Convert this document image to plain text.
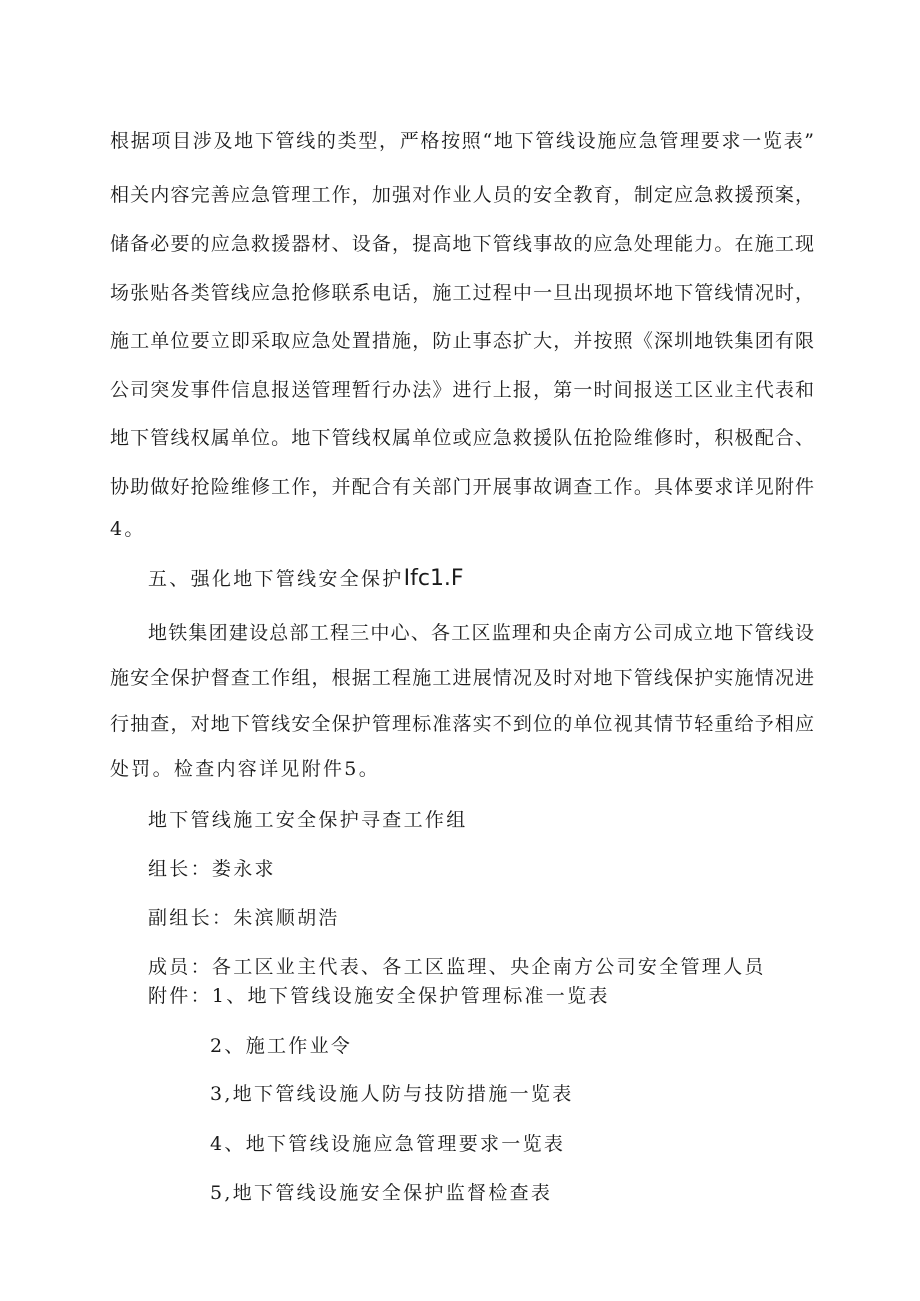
根据项目涉及地下管线的类型，严格按照“地下管线设施应急管理要求一览表”
相关内容完善应急管理工作，加强对作业人员的安全教育，制定应急救援预案，
储备必要的应急救援器材、设备，提高地下管线事故的应急处理能力。在施工现
场张贴各类管线应急抢修联系电话，施工过程中一旦出现损坏地下管线情况时，
施工单位要立即采取应急处置措施，防止事态扩大，并按照《深圳地铁集团有限
公司突发事件信息报送管理暂行办法》进行上报，第一时间报送工区业主代表和
地下管线权属单位。地下管线权属单位或应急救援队伍抢险维修时，积极配合、
协助做好抢险维修工作，并配合有关部门开展事故调查工作。具体要求详见附件
4。
五、强化地下管线安全保护Ifc1.F
地铁集团建设总部工程三中心、各工区监理和央企南方公司成立地下管线设
施安全保护督查工作组，根据工程施工进展情况及时对地下管线保护实施情况进
行抽查，对地下管线安全保护管理标准落实不到位的单位视其情节轻重给予相应
处罚。检查内容详见附件5。
地下管线施工安全保护寻查工作组
组长：娄永求
副组长：朱滨顺胡浩
成员：各工区业主代表、各工区监理、央企南方公司安全管理人员
附件：1、地下管线设施安全保护管理标准一览表
2、施工作业令
3,地下管线设施人防与技防措施一览表
4、地下管线设施应急管理要求一览表
5,地下管线设施安全保护监督检查表
